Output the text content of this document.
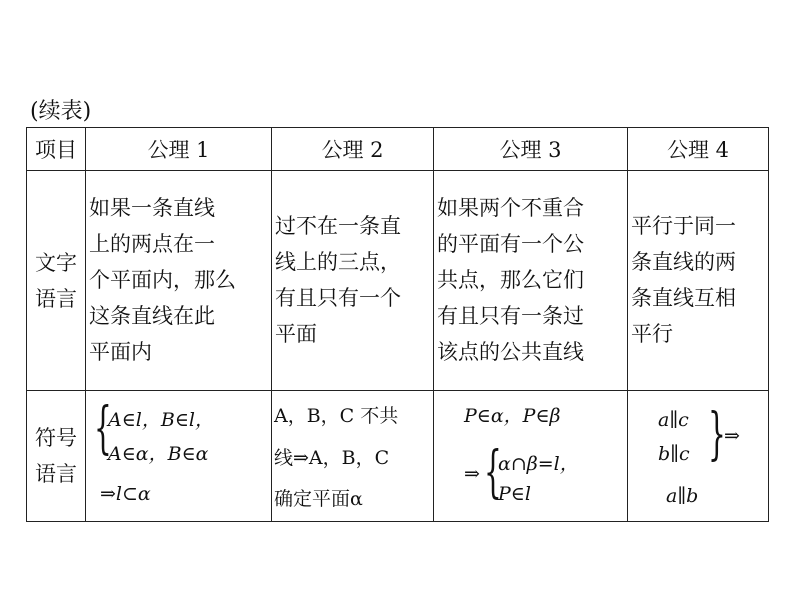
(续表)
项目	公理 1	公理 2	公理 3	公理 4

文字
语言	如果一条直线
上的两点在一
个平面内，那么
这条直线在此
平面内	过不在一条直
线上的三点，
有且只有一个
平面	如果两个不重合
的平面有一个公
共点，那么它们
有且只有一条过
该点的公共直线	平行于同一
条直线的两
条直线互相
平行

符号
语言	{
A∈l，B∈l，
A∈α，B∈α
⇒l⊂α	A，B，C 不共
线⇒A，B，C
确定平面α	P∈α，P∈β
⇒ {
α∩β=l，
P∈l	a∥c
b∥c }
⇒
a∥b
